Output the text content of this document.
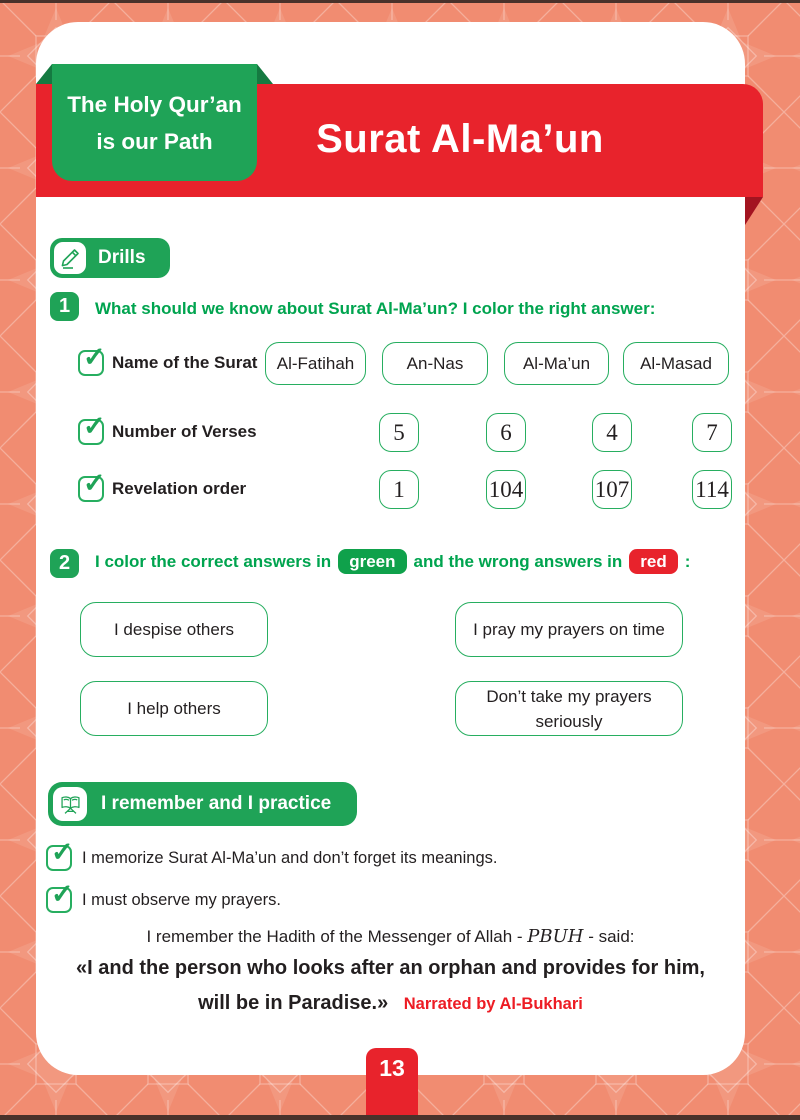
Surat Al-Ma’un
The Holy Qur’an
is our Path
Drills
1	What should we know about Surat Al-Ma’un? I color the right answer:
✓ Name of the Surat	Al-Fatihah	An-Nas	Al-Ma’un	Al-Masad
✓ Number of Verses	5	6	4	7
✓ Revelation order	1	104	107	114
2	I color the correct answers in	green	and the wrong answers in	red	:
I despise others	I pray my prayers on time
I help others
Don’t take my prayers seriously
I remember and I practice
✓ I memorize Surat Al-Ma’un and don’t forget its meanings.
✓ I must observe my prayers.
I remember the Hadith of the Messenger of Allah - PBUH - said:
«I and the person who looks after an orphan and provides for him,
will be in Paradise.» Narrated by Al-Bukhari
13
